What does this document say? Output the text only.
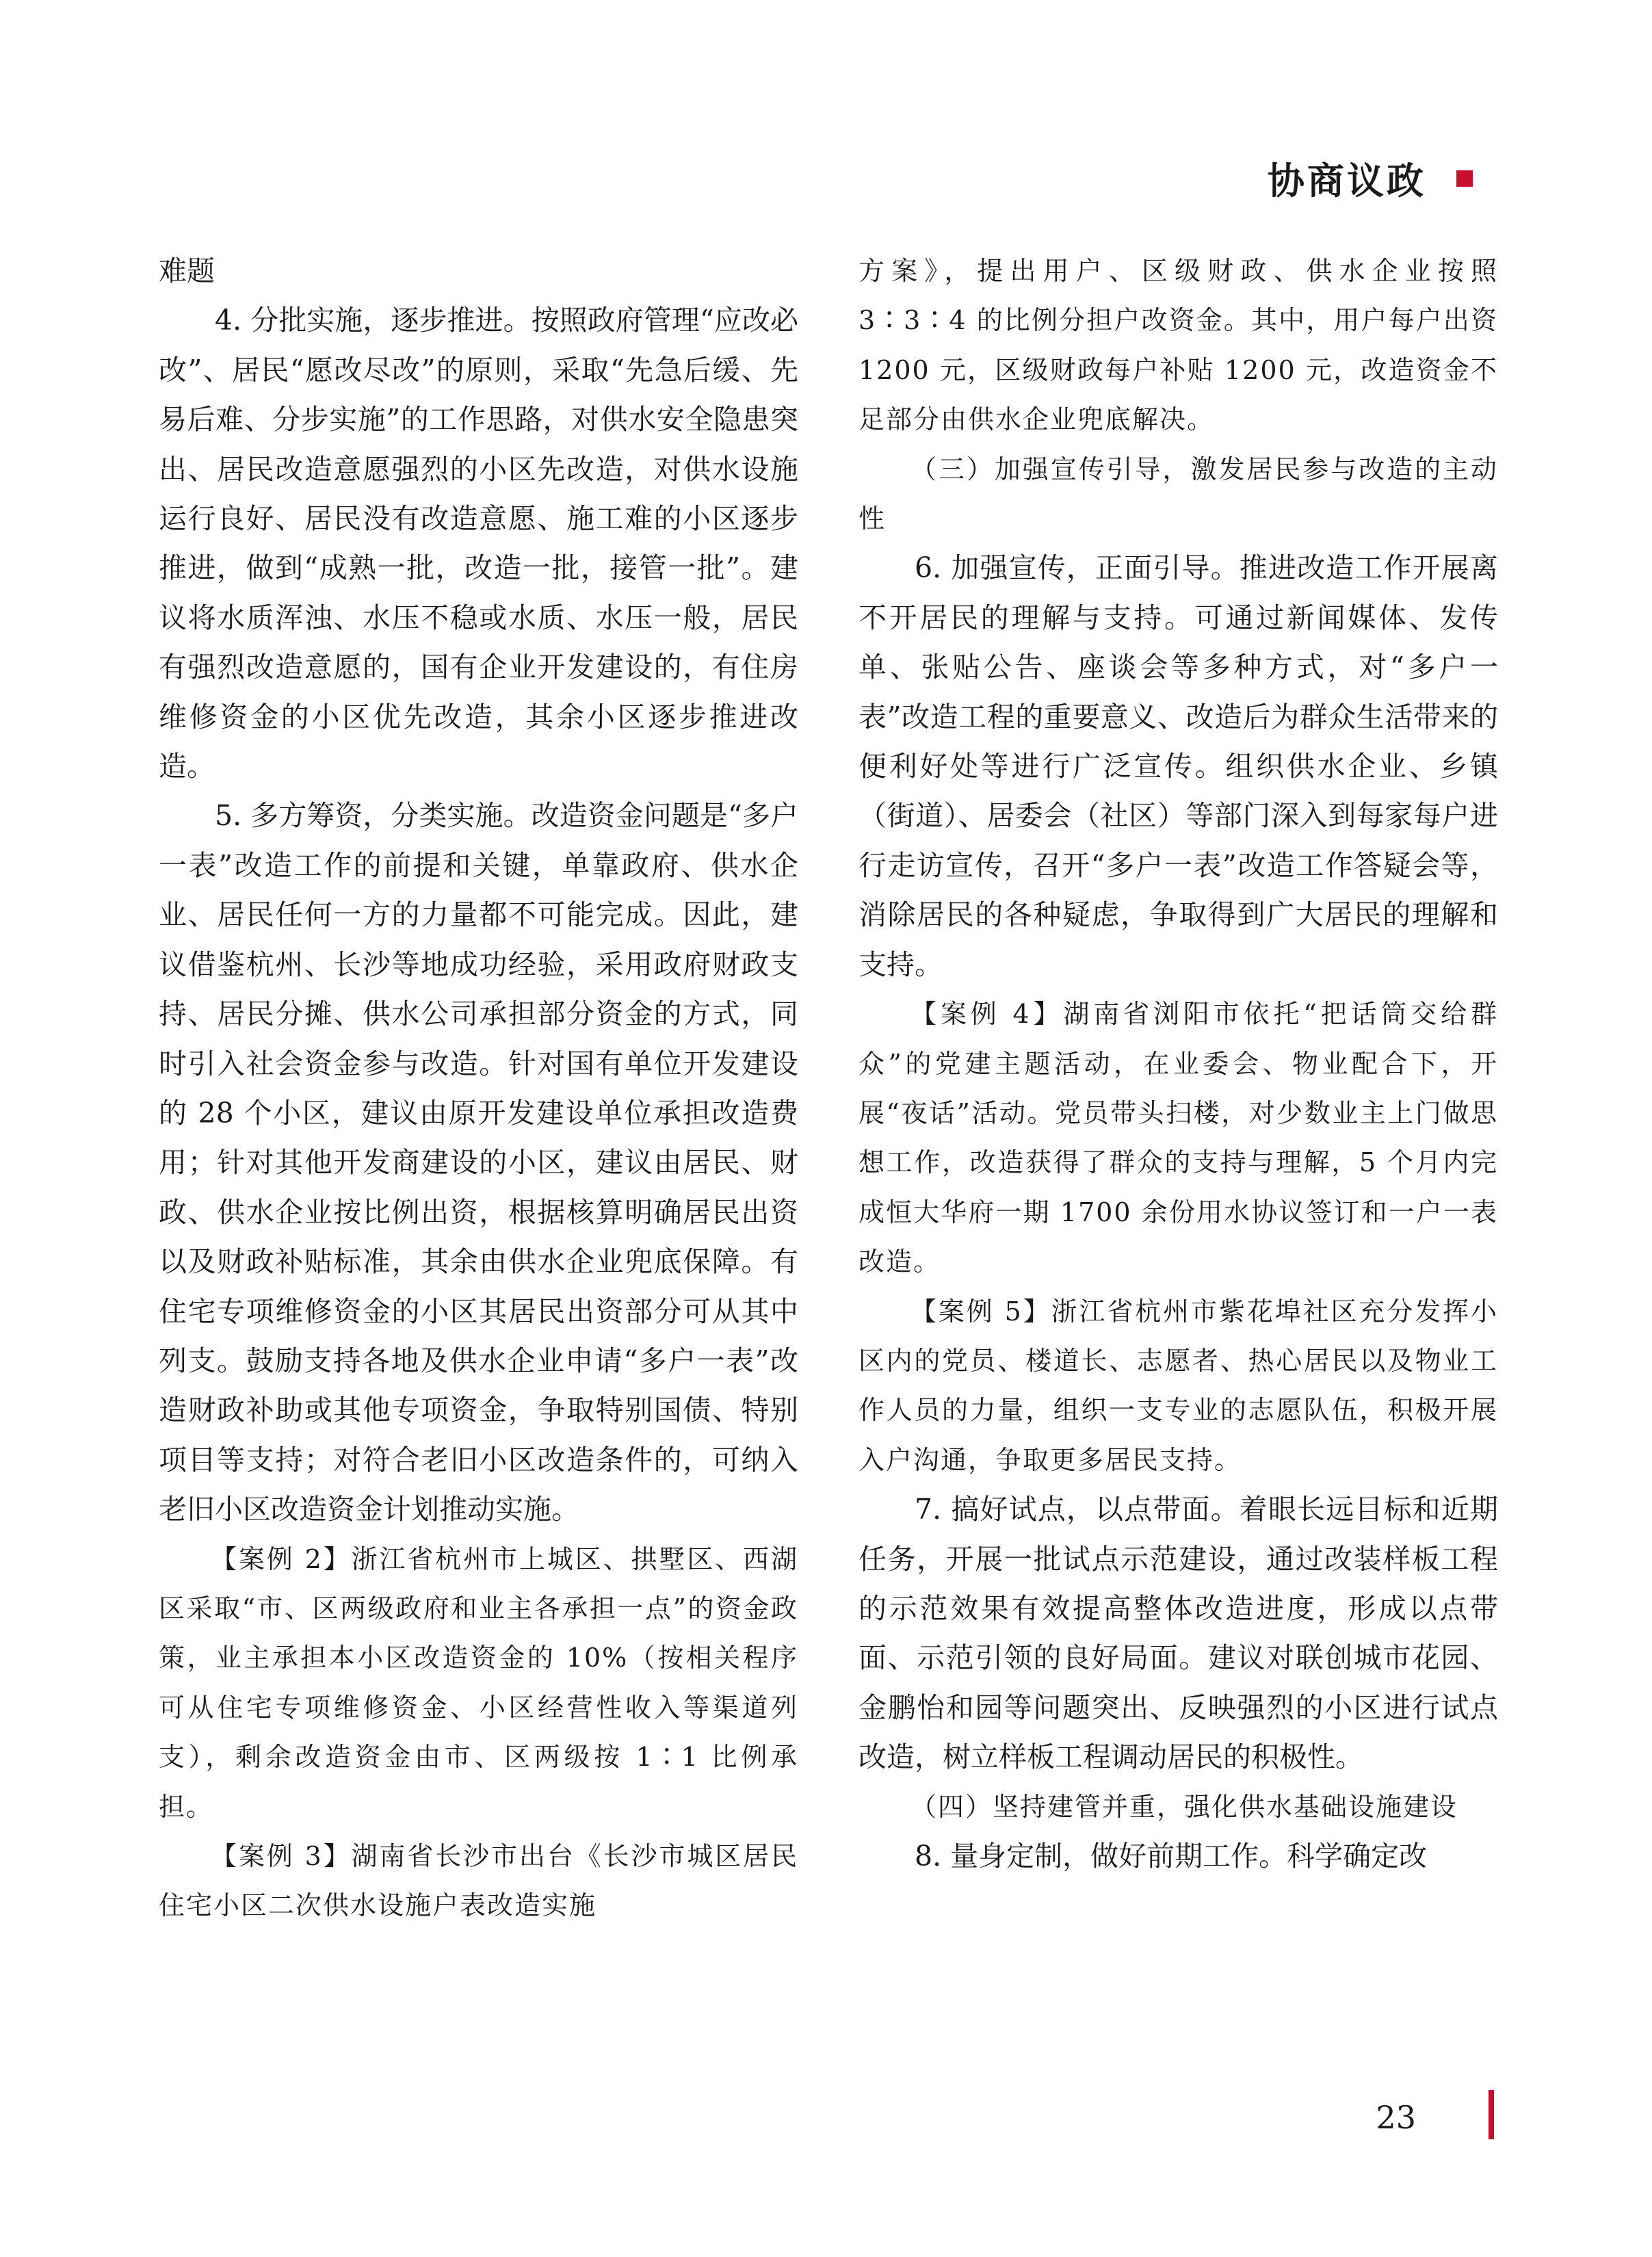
协商议政

难题

4. 分批实施，逐步推进。按照政府管理“应改必改”、居民“愿改尽改”的原则，采取“先急后缓、先易后难、分步实施”的工作思路，对供水安全隐患突出、居民改造意愿强烈的小区先改造，对供水设施运行良好、居民没有改造意愿、施工难的小区逐步推进，做到“成熟一批，改造一批，接管一批”。建议将水质浑浊、水压不稳或水质、水压一般，居民有强烈改造意愿的，国有企业开发建设的，有住房维修资金的小区优先改造，其余小区逐步推进改造。

5. 多方筹资，分类实施。改造资金问题是“多户一表”改造工作的前提和关键，单靠政府、供水企业、居民任何一方的力量都不可能完成。因此，建议借鉴杭州、长沙等地成功经验，采用政府财政支持、居民分摊、供水公司承担部分资金的方式，同时引入社会资金参与改造。针对国有单位开发建设的 28 个小区，建议由原开发建设单位承担改造费用；针对其他开发商建设的小区，建议由居民、财政、供水企业按比例出资，根据核算明确居民出资以及财政补贴标准，其余由供水企业兜底保障。有住宅专项维修资金的小区其居民出资部分可从其中列支。鼓励支持各地及供水企业申请“多户一表”改造财政补助或其他专项资金，争取特别国债、特别项目等支持；对符合老旧小区改造条件的，可纳入老旧小区改造资金计划推动实施。

【案例 2】浙江省杭州市上城区、拱墅区、西湖区采取“市、区两级政府和业主各承担一点”的资金政策，业主承担本小区改造资金的 10%（按相关程序可从住宅专项维修资金、小区经营性收入等渠道列支），剩余改造资金由市、区两级按 1∶1 比例承担。

【案例 3】湖南省长沙市出台《长沙市城区居民住宅小区二次供水设施户表改造实施

方案》，提出用户、区级财政、供水企业按照 3∶3∶4 的比例分担户改资金。其中，用户每户出资 1200 元，区级财政每户补贴 1200 元，改造资金不足部分由供水企业兜底解决。

（三）加强宣传引导，激发居民参与改造的主动性

6. 加强宣传，正面引导。推进改造工作开展离不开居民的理解与支持。可通过新闻媒体、发传单、张贴公告、座谈会等多种方式，对“多户一表”改造工程的重要意义、改造后为群众生活带来的便利好处等进行广泛宣传。组织供水企业、乡镇（街道）、居委会（社区）等部门深入到每家每户进行走访宣传，召开“多户一表”改造工作答疑会等，消除居民的各种疑虑，争取得到广大居民的理解和支持。

【案例 4】湖南省浏阳市依托“把话筒交给群众”的党建主题活动，在业委会、物业配合下，开展“夜话”活动。党员带头扫楼，对少数业主上门做思想工作，改造获得了群众的支持与理解，5 个月内完成恒大华府一期 1700 余份用水协议签订和一户一表改造。

【案例 5】浙江省杭州市紫花埠社区充分发挥小区内的党员、楼道长、志愿者、热心居民以及物业工作人员的力量，组织一支专业的志愿队伍，积极开展入户沟通，争取更多居民支持。

7. 搞好试点，以点带面。着眼长远目标和近期任务，开展一批试点示范建设，通过改装样板工程的示范效果有效提高整体改造进度，形成以点带面、示范引领的良好局面。建议对联创城市花园、金鹏怡和园等问题突出、反映强烈的小区进行试点改造，树立样板工程调动居民的积极性。

（四）坚持建管并重，强化供水基础设施建设

8. 量身定制，做好前期工作。科学确定改

23
